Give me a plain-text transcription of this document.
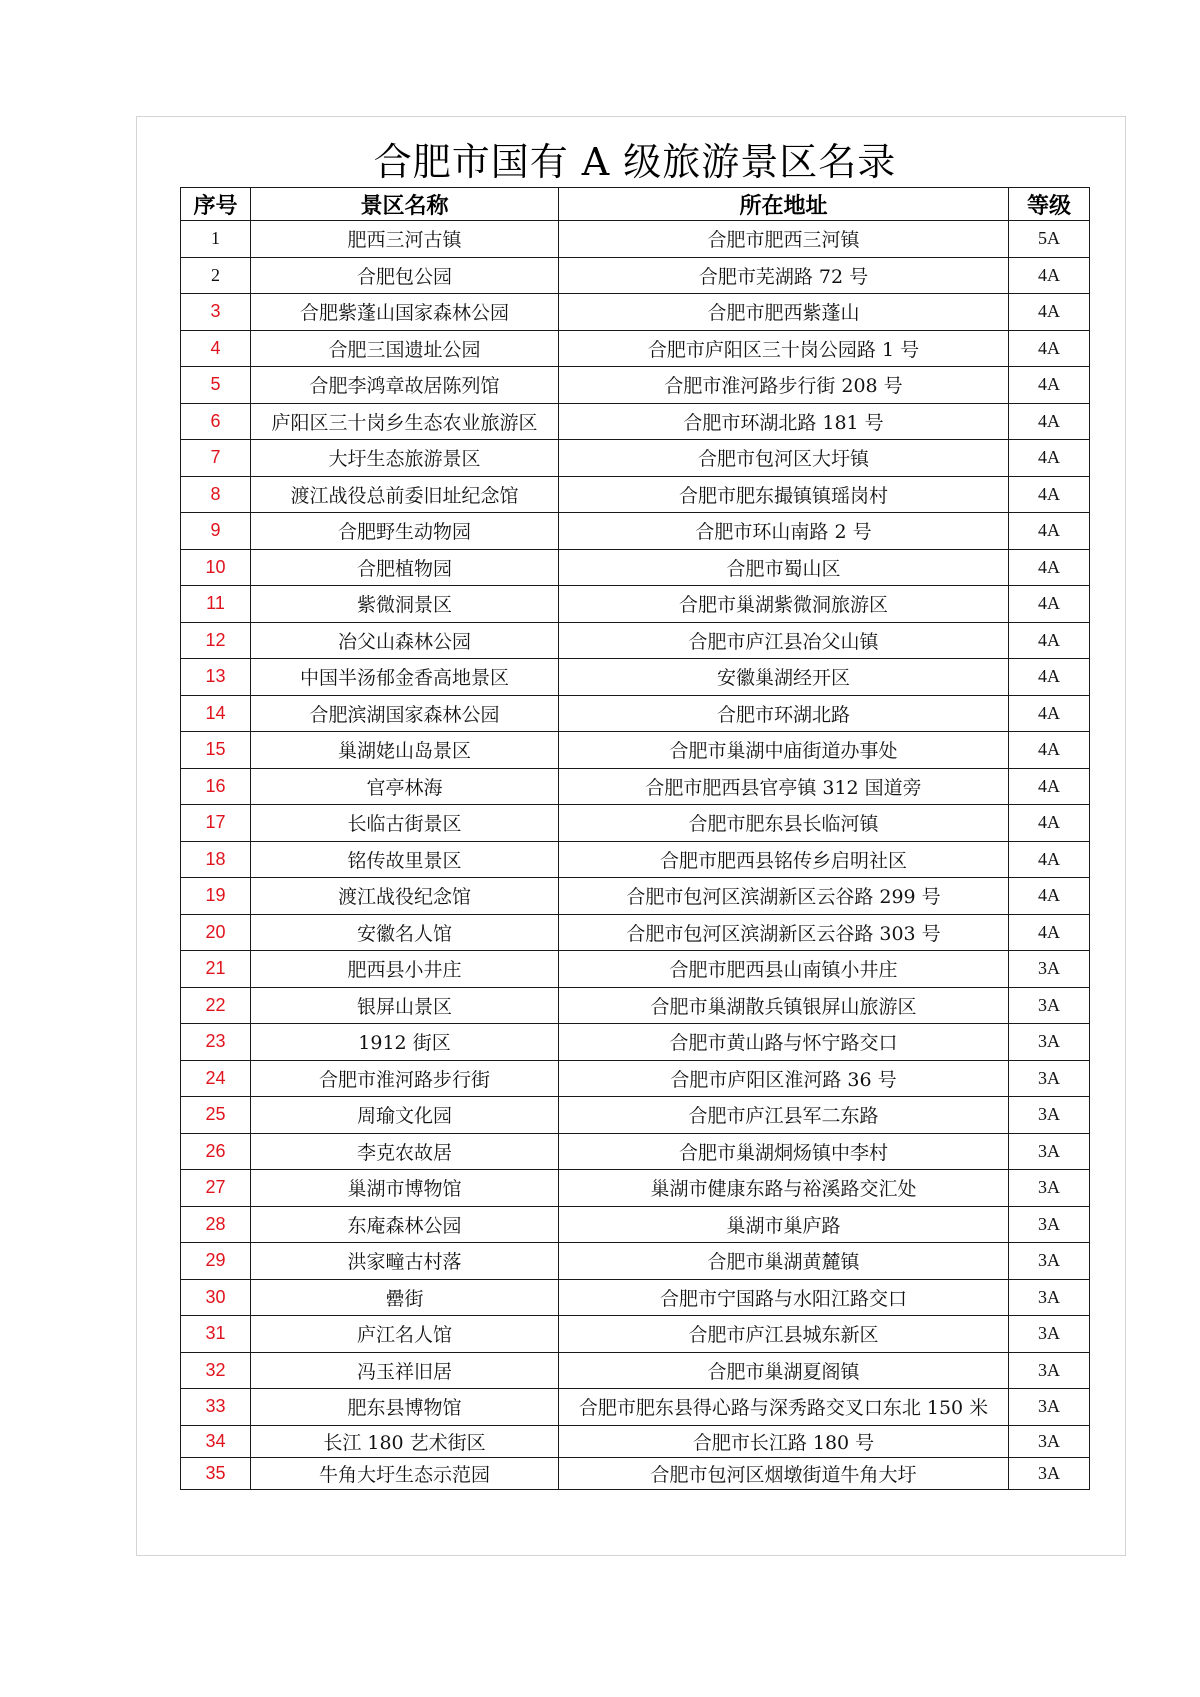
合肥市国有 A 级旅游景区名录
序号	景区名称	所在地址	等级
1	肥西三河古镇	合肥市肥西三河镇	5A
2	合肥包公园	合肥市芜湖路 72 号	4A
3	合肥紫蓬山国家森林公园	合肥市肥西紫蓬山	4A
4	合肥三国遗址公园	合肥市庐阳区三十岗公园路 1 号	4A
5	合肥李鸿章故居陈列馆	合肥市淮河路步行街 208 号	4A
6	庐阳区三十岗乡生态农业旅游区	合肥市环湖北路 181 号	4A
7	大圩生态旅游景区	合肥市包河区大圩镇	4A
8	渡江战役总前委旧址纪念馆	合肥市肥东撮镇镇瑶岗村	4A
9	合肥野生动物园	合肥市环山南路 2 号	4A
10	合肥植物园	合肥市蜀山区	4A
11	紫微洞景区	合肥市巢湖紫微洞旅游区	4A
12	冶父山森林公园	合肥市庐江县冶父山镇	4A
13	中国半汤郁金香高地景区	安徽巢湖经开区	4A
14	合肥滨湖国家森林公园	合肥市环湖北路	4A
15	巢湖姥山岛景区	合肥市巢湖中庙街道办事处	4A
16	官亭林海	合肥市肥西县官亭镇 312 国道旁	4A
17	长临古街景区	合肥市肥东县长临河镇	4A
18	铭传故里景区	合肥市肥西县铭传乡启明社区	4A
19	渡江战役纪念馆	合肥市包河区滨湖新区云谷路 299 号	4A
20	安徽名人馆	合肥市包河区滨湖新区云谷路 303 号	4A
21	肥西县小井庄	合肥市肥西县山南镇小井庄	3A
22	银屏山景区	合肥市巢湖散兵镇银屏山旅游区	3A
23	1912 街区	合肥市黄山路与怀宁路交口	3A
24	合肥市淮河路步行街	合肥市庐阳区淮河路 36 号	3A
25	周瑜文化园	合肥市庐江县军二东路	3A
26	李克农故居	合肥市巢湖烔炀镇中李村	3A
27	巢湖市博物馆	巢湖市健康东路与裕溪路交汇处	3A
28	东庵森林公园	巢湖市巢庐路	3A
29	洪家疃古村落	合肥市巢湖黄麓镇	3A
30	罍街	合肥市宁国路与水阳江路交口	3A
31	庐江名人馆	合肥市庐江县城东新区	3A
32	冯玉祥旧居	合肥市巢湖夏阁镇	3A
33	肥东县博物馆	合肥市肥东县得心路与深秀路交叉口东北 150 米	3A
34	长江 180 艺术街区	合肥市长江路 180 号	3A
35	牛角大圩生态示范园	合肥市包河区烟墩街道牛角大圩	3A
